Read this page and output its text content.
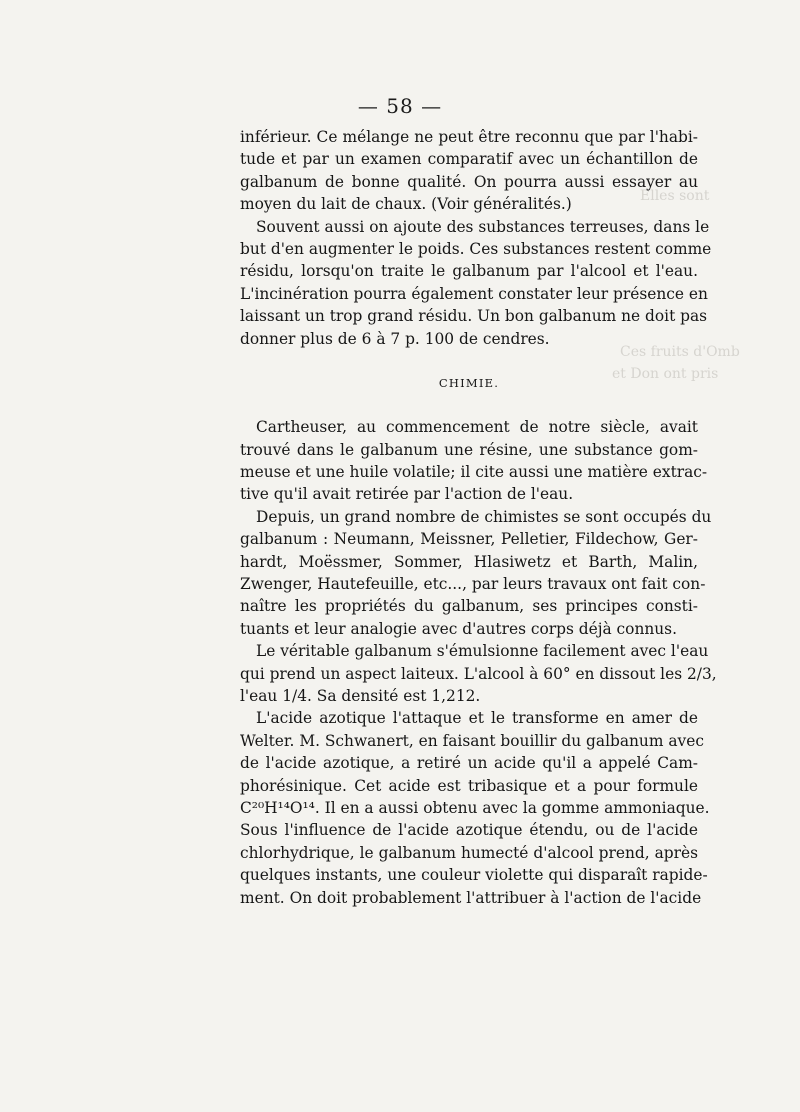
Elles sont
Ces fruits d'Omb
et Don ont pris
— 58 —
inférieur. Ce mélange ne peut être reconnu que par l'habi-
tude et par un examen comparatif avec un échantillon de
galbanum de bonne qualité. On pourra aussi essayer au
moyen du lait de chaux. (Voir généralités.)
Souvent aussi on ajoute des substances terreuses, dans le
but d'en augmenter le poids. Ces substances restent comme
résidu, lorsqu'on traite le galbanum par l'alcool et l'eau.
L'incinération pourra également constater leur présence en
laissant un trop grand résidu. Un bon galbanum ne doit pas
donner plus de 6 à 7 p. 100 de cendres.
CHIMIE.
Cartheuser, au commencement de notre siècle, avait
trouvé dans le galbanum une résine, une substance gom-
meuse et une huile volatile; il cite aussi une matière extrac-
tive qu'il avait retirée par l'action de l'eau.
Depuis, un grand nombre de chimistes se sont occupés du
galbanum : Neumann, Meissner, Pelletier, Fildechow, Ger-
hardt, Moëssmer, Sommer, Hlasiwetz et Barth, Malin,
Zwenger, Hautefeuille, etc..., par leurs travaux ont fait con-
naître les propriétés du galbanum, ses principes consti-
tuants et leur analogie avec d'autres corps déjà connus.
Le véritable galbanum s'émulsionne facilement avec l'eau
qui prend un aspect laiteux. L'alcool à 60° en dissout les 2/3,
l'eau 1/4. Sa densité est 1,212.
L'acide azotique l'attaque et le transforme en amer de
Welter. M. Schwanert, en faisant bouillir du galbanum avec
de l'acide azotique, a retiré un acide qu'il a appelé Cam-
phorésinique. Cet acide est tribasique et a pour formule
C²⁰H¹⁴O¹⁴. Il en a aussi obtenu avec la gomme ammoniaque.
Sous l'influence de l'acide azotique étendu, ou de l'acide
chlorhydrique, le galbanum humecté d'alcool prend, après
quelques instants, une couleur violette qui disparaît rapide-
ment. On doit probablement l'attribuer à l'action de l'acide
